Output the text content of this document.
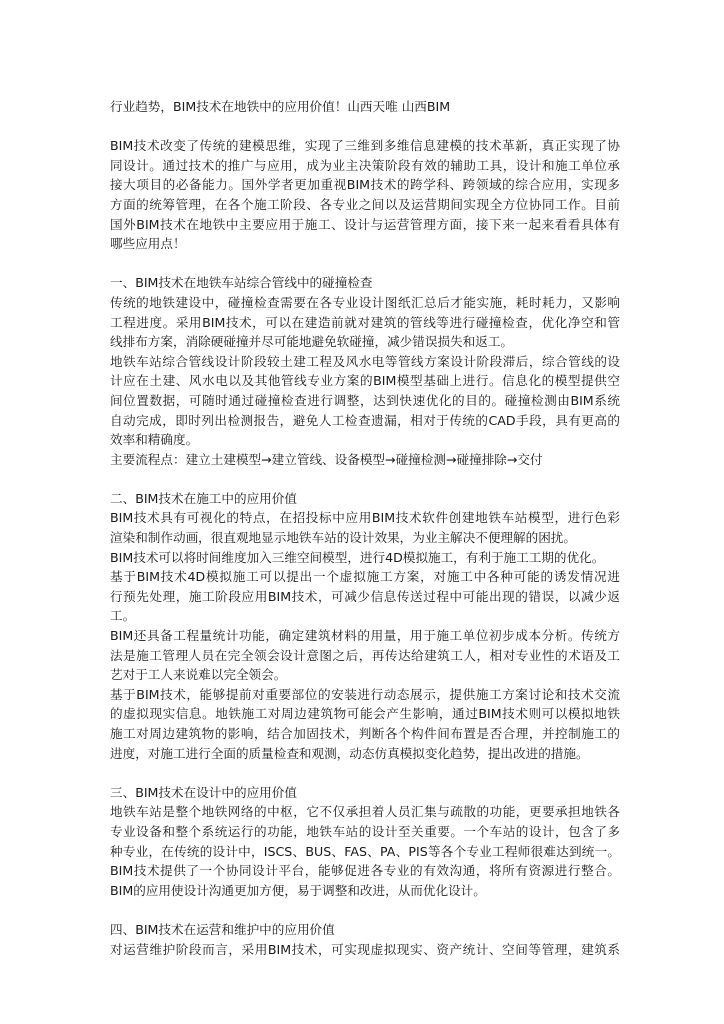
行业趋势，BIM技术在地铁中的应用价值！山西天唯 山西BIM
BIM技术改变了传统的建模思维，实现了三维到多维信息建模的技术革新，真正实现了协
同设计。通过技术的推广与应用，成为业主决策阶段有效的辅助工具，设计和施工单位承
接大项目的必备能力。国外学者更加重视BIM技术的跨学科、跨领域的综合应用，实现多
方面的统筹管理，在各个施工阶段、各专业之间以及运营期间实现全方位协同工作。目前
国外BIM技术在地铁中主要应用于施工、设计与运营管理方面，接下来一起来看看具体有
哪些应用点！
一、BIM技术在地铁车站综合管线中的碰撞检查
传统的地铁建设中，碰撞检查需要在各专业设计图纸汇总后才能实施，耗时耗力，又影响
工程进度。采用BIM技术，可以在建造前就对建筑的管线等进行碰撞检查，优化净空和管
线排布方案，消除硬碰撞并尽可能地避免软碰撞，减少错误损失和返工。
地铁车站综合管线设计阶段较土建工程及风水电等管线方案设计阶段滞后，综合管线的设
计应在土建、风水电以及其他管线专业方案的BIM模型基础上进行。信息化的模型提供空
间位置数据，可随时通过碰撞检查进行调整，达到快速优化的目的。碰撞检测由BIM系统
自动完成，即时列出检测报告，避免人工检查遗漏，相对于传统的CAD手段，具有更高的
效率和精确度。
主要流程点：建立土建模型→建立管线、设备模型→碰撞检测→碰撞排除→交付
二、BIM技术在施工中的应用价值
BIM技术具有可视化的特点，在招投标中应用BIM技术软件创建地铁车站模型，进行色彩
渲染和制作动画，很直观地显示地铁车站的设计效果，为业主解决不便理解的困扰。
BIM技术可以将时间维度加入三维空间模型，进行4D模拟施工，有利于施工工期的优化。
基于BIM技术4D模拟施工可以提出一个虚拟施工方案，对施工中各种可能的诱发情况进
行预先处理，施工阶段应用BIM技术，可减少信息传送过程中可能出现的错误，以减少返
工。
BIM还具备工程量统计功能，确定建筑材料的用量，用于施工单位初步成本分析。传统方
法是施工管理人员在完全领会设计意图之后，再传达给建筑工人，相对专业性的术语及工
艺对于工人来说难以完全领会。
基于BIM技术，能够提前对重要部位的安装进行动态展示，提供施工方案讨论和技术交流
的虚拟现实信息。地铁施工对周边建筑物可能会产生影响，通过BIM技术则可以模拟地铁
施工对周边建筑物的影响，结合加固技术，判断各个构件间布置是否合理，并控制施工的
进度，对施工进行全面的质量检查和观测，动态仿真模拟变化趋势，提出改进的措施。
三、BIM技术在设计中的应用价值
地铁车站是整个地铁网络的中枢，它不仅承担着人员汇集与疏散的功能，更要承担地铁各
专业设备和整个系统运行的功能，地铁车站的设计至关重要。一个车站的设计，包含了多
种专业，在传统的设计中，ISCS、BUS、FAS、PA、PIS等各个专业工程师很难达到统一。
BIM技术提供了一个协同设计平台，能够促进各专业的有效沟通，将所有资源进行整合。
BIM的应用使设计沟通更加方便，易于调整和改进，从而优化设计。
四、BIM技术在运营和维护中的应用价值
对运营维护阶段而言，采用BIM技术，可实现虚拟现实、资产统计、空间等管理，建筑系
